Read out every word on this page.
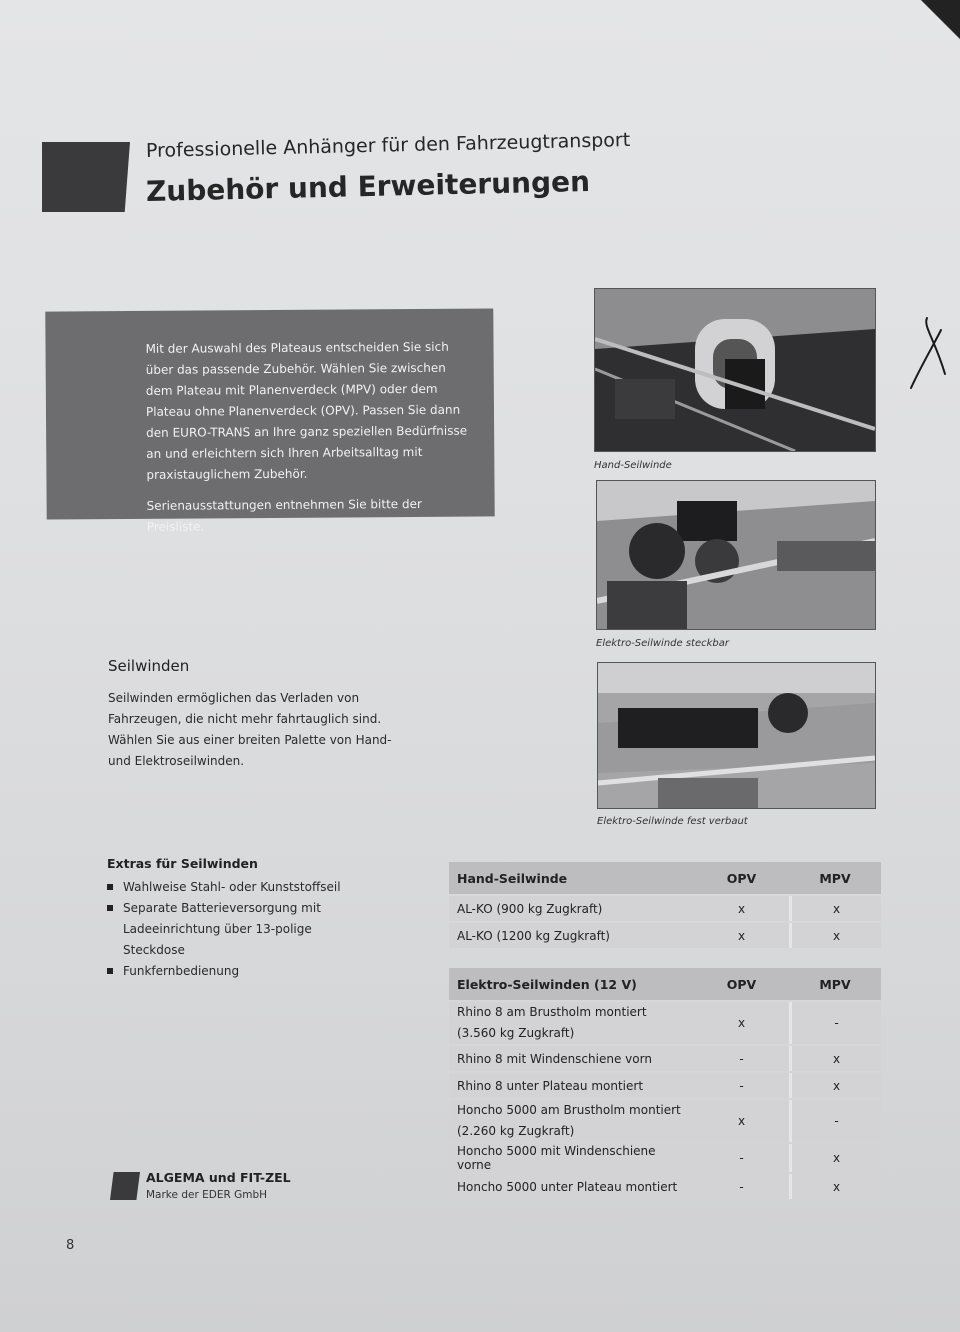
Professionelle Anhänger für den Fahrzeugtransport
Zubehör und Erweiterungen

Mit der Auswahl des Plateaus entscheiden Sie sich über das passende Zubehör. Wählen Sie zwischen dem Plateau mit Planenverdeck (MPV) oder dem Plateau ohne Planenverdeck (OPV). Passen Sie dann den EURO-TRANS an Ihre ganz speziellen Bedürfnisse an und erleichtern sich Ihren Arbeitsalltag mit praxistauglichem Zubehör.

Serienausstattungen entnehmen Sie bitte der Preisliste.

Hand-Seilwinde
Elektro-Seilwinde steckbar
Elektro-Seilwinde fest verbaut
Seilwinden
Seilwinden ermöglichen das Verladen von Fahrzeugen, die nicht mehr fahrtauglich sind. Wählen Sie aus einer breiten Palette von Hand- und Elektroseilwinden.
Extras für Seilwinden
Wahlweise Stahl- oder Kunststoffseil
Separate Batterieversorgung mit Ladeeinrichtung über 13-polige Steckdose
Funkfernbedienung
Hand-Seilwinde	OPV	MPV
AL-KO (900 kg Zugkraft)	x	x
AL-KO (1200 kg Zugkraft)	x	x
Elektro-Seilwinden (12 V)	OPV	MPV
Rhino 8 am Brustholm montiert (3.560 kg Zugkraft)	x	-
Rhino 8 mit Windenschiene vorn	-	x
Rhino 8 unter Plateau montiert	-	x
Honcho 5000 am Brustholm montiert (2.260 kg Zugkraft)	x	-
Honcho 5000 mit Windenschiene vorne	-	x
Honcho 5000 unter Plateau montiert	-	x
ALGEMA und FIT-ZEL
Marke der EDER GmbH
8
